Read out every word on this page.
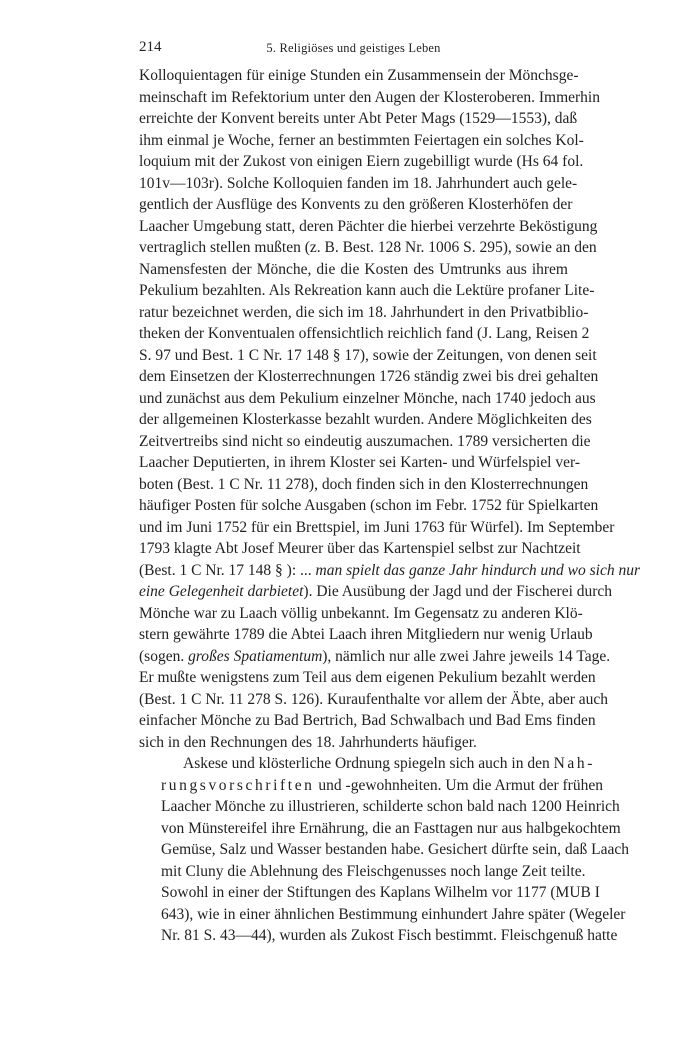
214	5. Religiöses und geistiges Leben
Kolloquientagen für einige Stunden ein Zusammensein der Mönchsge-
meinschaft im Refektorium unter den Augen der Klosteroberen. Immerhin
erreichte der Konvent bereits unter Abt Peter Mags (1529—1553), daß
ihm einmal je Woche, ferner an bestimmten Feiertagen ein solches Kol-
loquium mit der Zukost von einigen Eiern zugebilligt wurde (Hs 64 fol.
101v—103r). Solche Kolloquien fanden im 18. Jahrhundert auch gele-
gentlich der Ausflüge des Konvents zu den größeren Klosterhöfen der
Laacher Umgebung statt, deren Pächter die hierbei verzehrte Beköstigung
vertraglich stellen mußten (z. B. Best. 128 Nr. 1006 S. 295), sowie an den
Namensfesten der Mönche, die die Kosten des Umtrunks aus ihrem
Pekulium bezahlten. Als Rekreation kann auch die Lektüre profaner Lite-
ratur bezeichnet werden, die sich im 18. Jahrhundert in den Privatbiblio-
theken der Konventualen offensichtlich reichlich fand (J. Lang, Reisen 2
S. 97 und Best. 1 C Nr. 17 148 § 17), sowie der Zeitungen, von denen seit
dem Einsetzen der Klosterrechnungen 1726 ständig zwei bis drei gehalten
und zunächst aus dem Pekulium einzelner Mönche, nach 1740 jedoch aus
der allgemeinen Klosterkasse bezahlt wurden. Andere Möglichkeiten des
Zeitvertreibs sind nicht so eindeutig auszumachen. 1789 versicherten die
Laacher Deputierten, in ihrem Kloster sei Karten- und Würfelspiel ver-
boten (Best. 1 C Nr. 11 278), doch finden sich in den Klosterrechnungen
häufiger Posten für solche Ausgaben (schon im Febr. 1752 für Spielkarten
und im Juni 1752 für ein Brettspiel, im Juni 1763 für Würfel). Im September
1793 klagte Abt Josef Meurer über das Kartenspiel selbst zur Nachtzeit
(Best. 1 C Nr. 17 148 § ): ... man spielt das ganze Jahr hindurch und wo sich nur
eine Gelegenheit darbietet). Die Ausübung der Jagd und der Fischerei durch
Mönche war zu Laach völlig unbekannt. Im Gegensatz zu anderen Klö-
stern gewährte 1789 die Abtei Laach ihren Mitgliedern nur wenig Urlaub
(sogen. großes Spatiamentum), nämlich nur alle zwei Jahre jeweils 14 Tage.
Er mußte wenigstens zum Teil aus dem eigenen Pekulium bezahlt werden
(Best. 1 C Nr. 11 278 S. 126). Kuraufenthalte vor allem der Äbte, aber auch
einfacher Mönche zu Bad Bertrich, Bad Schwalbach und Bad Ems finden
sich in den Rechnungen des 18. Jahrhunderts häufiger.
Askese und klösterliche Ordnung spiegeln sich auch in den Nah-
rungsvorschriften und -gewohnheiten. Um die Armut der frühen
Laacher Mönche zu illustrieren, schilderte schon bald nach 1200 Heinrich
von Münstereifel ihre Ernährung, die an Fasttagen nur aus halbgekochtem
Gemüse, Salz und Wasser bestanden habe. Gesichert dürfte sein, daß Laach
mit Cluny die Ablehnung des Fleischgenusses noch lange Zeit teilte.
Sowohl in einer der Stiftungen des Kaplans Wilhelm vor 1177 (MUB I
643), wie in einer ähnlichen Bestimmung einhundert Jahre später (Wegeler
Nr. 81 S. 43—44), wurden als Zukost Fisch bestimmt. Fleischgenuß hatte
